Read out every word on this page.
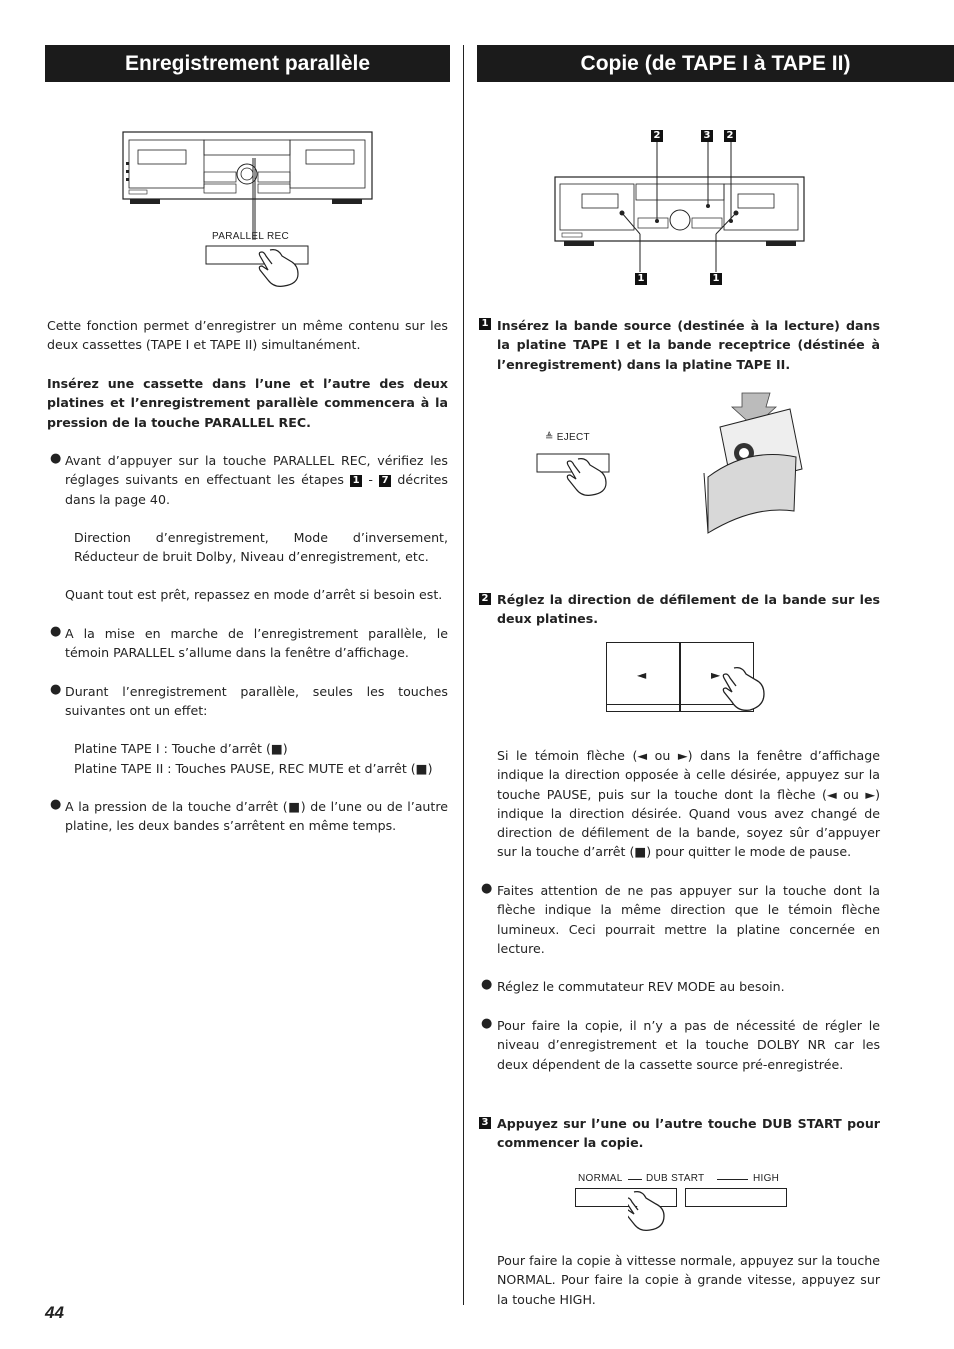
Enregistrement parallèle	Copie (de TAPE I à TAPE II)
PARALLEL REC

Cette fonction permet d’enregistrer un même contenu sur les deux cassettes (TAPE I et TAPE II) simultanément.

Insérez une cassette dans l’une et l’autre des deux platines et l’enregistrement parallèle commencera à la pression de la touche PARALLEL REC.

● Avant d’appuyer sur la touche PARALLEL REC, vérifiez les réglages suivants en effectuant les étapes 1 - 7 décrites dans la page 40.

Direction d’enregistrement, Mode d’inversement, Réducteur de bruit Dolby, Niveau d’enregistrement, etc.

Quant tout est prêt, repassez en mode d’arrêt si besoin est.

● A la mise en marche de l’enregistrement parallèle, le témoin PARALLEL s’allume dans la fenêtre d’affichage.

● Durant l’enregistrement parallèle, seules les touches suivantes ont un effet:

Platine TAPE I : Touche d’arrêt (■)

Platine TAPE II : Touches PAUSE, REC MUTE et d’arrêt (■)

● A la pression de la touche d’arrêt (■) de l’une ou de l’autre platine, les deux bandes s’arrêtent en même temps.

2	3 2
1	1
1 Insérez la bande source (destinée à la lecture) dans la platine TAPE I et la bande receptrice (déstinée à l’enregistrement) dans la platine TAPE II.

≜ EJECT
2 Réglez la direction de défilement de la bande sur les deux platines.

◄	►

Si le témoin flèche (◄ ou ►) dans la fenêtre d’affichage indique la direction opposée à celle désirée, appuyez sur la touche PAUSE, puis sur la touche dont la flèche (◄ ou ►) indique la direction désirée. Quand vous avez changé de direction de défilement de la bande, soyez sûr d’appuyer sur la touche d’arrêt (■) pour quitter le mode de pause.

● Faites attention de ne pas appuyer sur la touche dont la flèche indique la même direction que le témoin flèche lumineux. Ceci pourrait mettre la platine concernée en lecture.

● Réglez le commutateur REV MODE au besoin.

● Pour faire la copie, il n’y a pas de nécessité de régler le niveau d’enregistrement et la touche DOLBY NR car les deux dépendent de la cassette source pré-enregistrée.

3 Appuyez sur l’une ou l’autre touche DUB START pour commencer la copie.

NORMAL DUB START	HIGH

Pour faire la copie à vittesse normale, appuyez sur la touche NORMAL. Pour faire la copie à grande vitesse, appuyez sur la touche HIGH.

44
